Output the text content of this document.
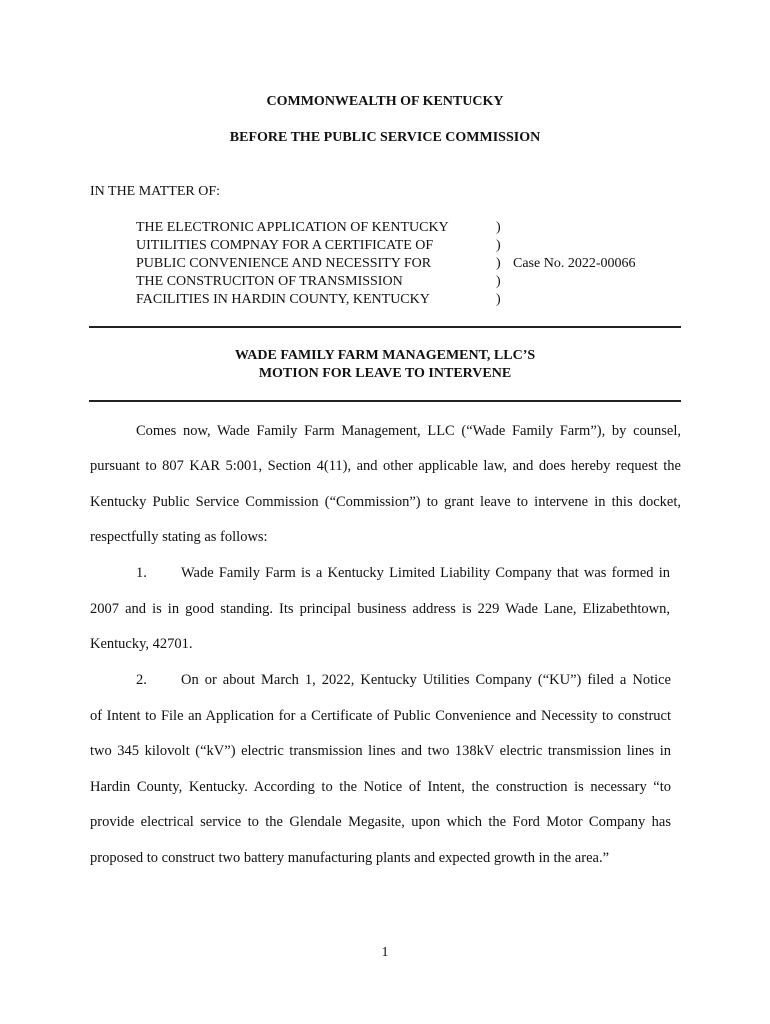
COMMONWEALTH OF KENTUCKY
BEFORE THE PUBLIC SERVICE COMMISSION
IN THE MATTER OF:
THE ELECTRONIC APPLICATION OF KENTUCKY
UITILITIES COMPNAY FOR A CERTIFICATE OF
PUBLIC CONVENIENCE AND NECESSITY FOR
THE CONSTRUCITON OF TRANSMISSION
FACILITIES IN HARDIN COUNTY, KENTUCKY
)
)
)
)
)
Case No. 2022-00066
WADE FAMILY FARM MANAGEMENT, LLC’S
MOTION FOR LEAVE TO INTERVENE
Comes now, Wade Family Farm Management, LLC (“Wade Family Farm”), by counsel,
pursuant to 807 KAR 5:001, Section 4(11), and other applicable law, and does hereby request the
Kentucky Public Service Commission (“Commission”) to grant leave to intervene in this docket,
respectfully stating as follows:
1. Wade Family Farm is a Kentucky Limited Liability Company that was formed in
2007 and is in good standing. Its principal business address is 229 Wade Lane, Elizabethtown,
Kentucky, 42701.
2. On or about March 1, 2022, Kentucky Utilities Company (“KU”) filed a Notice
of Intent to File an Application for a Certificate of Public Convenience and Necessity to construct
two 345 kilovolt (“kV”) electric transmission lines and two 138kV electric transmission lines in
Hardin County, Kentucky. According to the Notice of Intent, the construction is necessary “to
provide electrical service to the Glendale Megasite, upon which the Ford Motor Company has
proposed to construct two battery manufacturing plants and expected growth in the area.”
1
